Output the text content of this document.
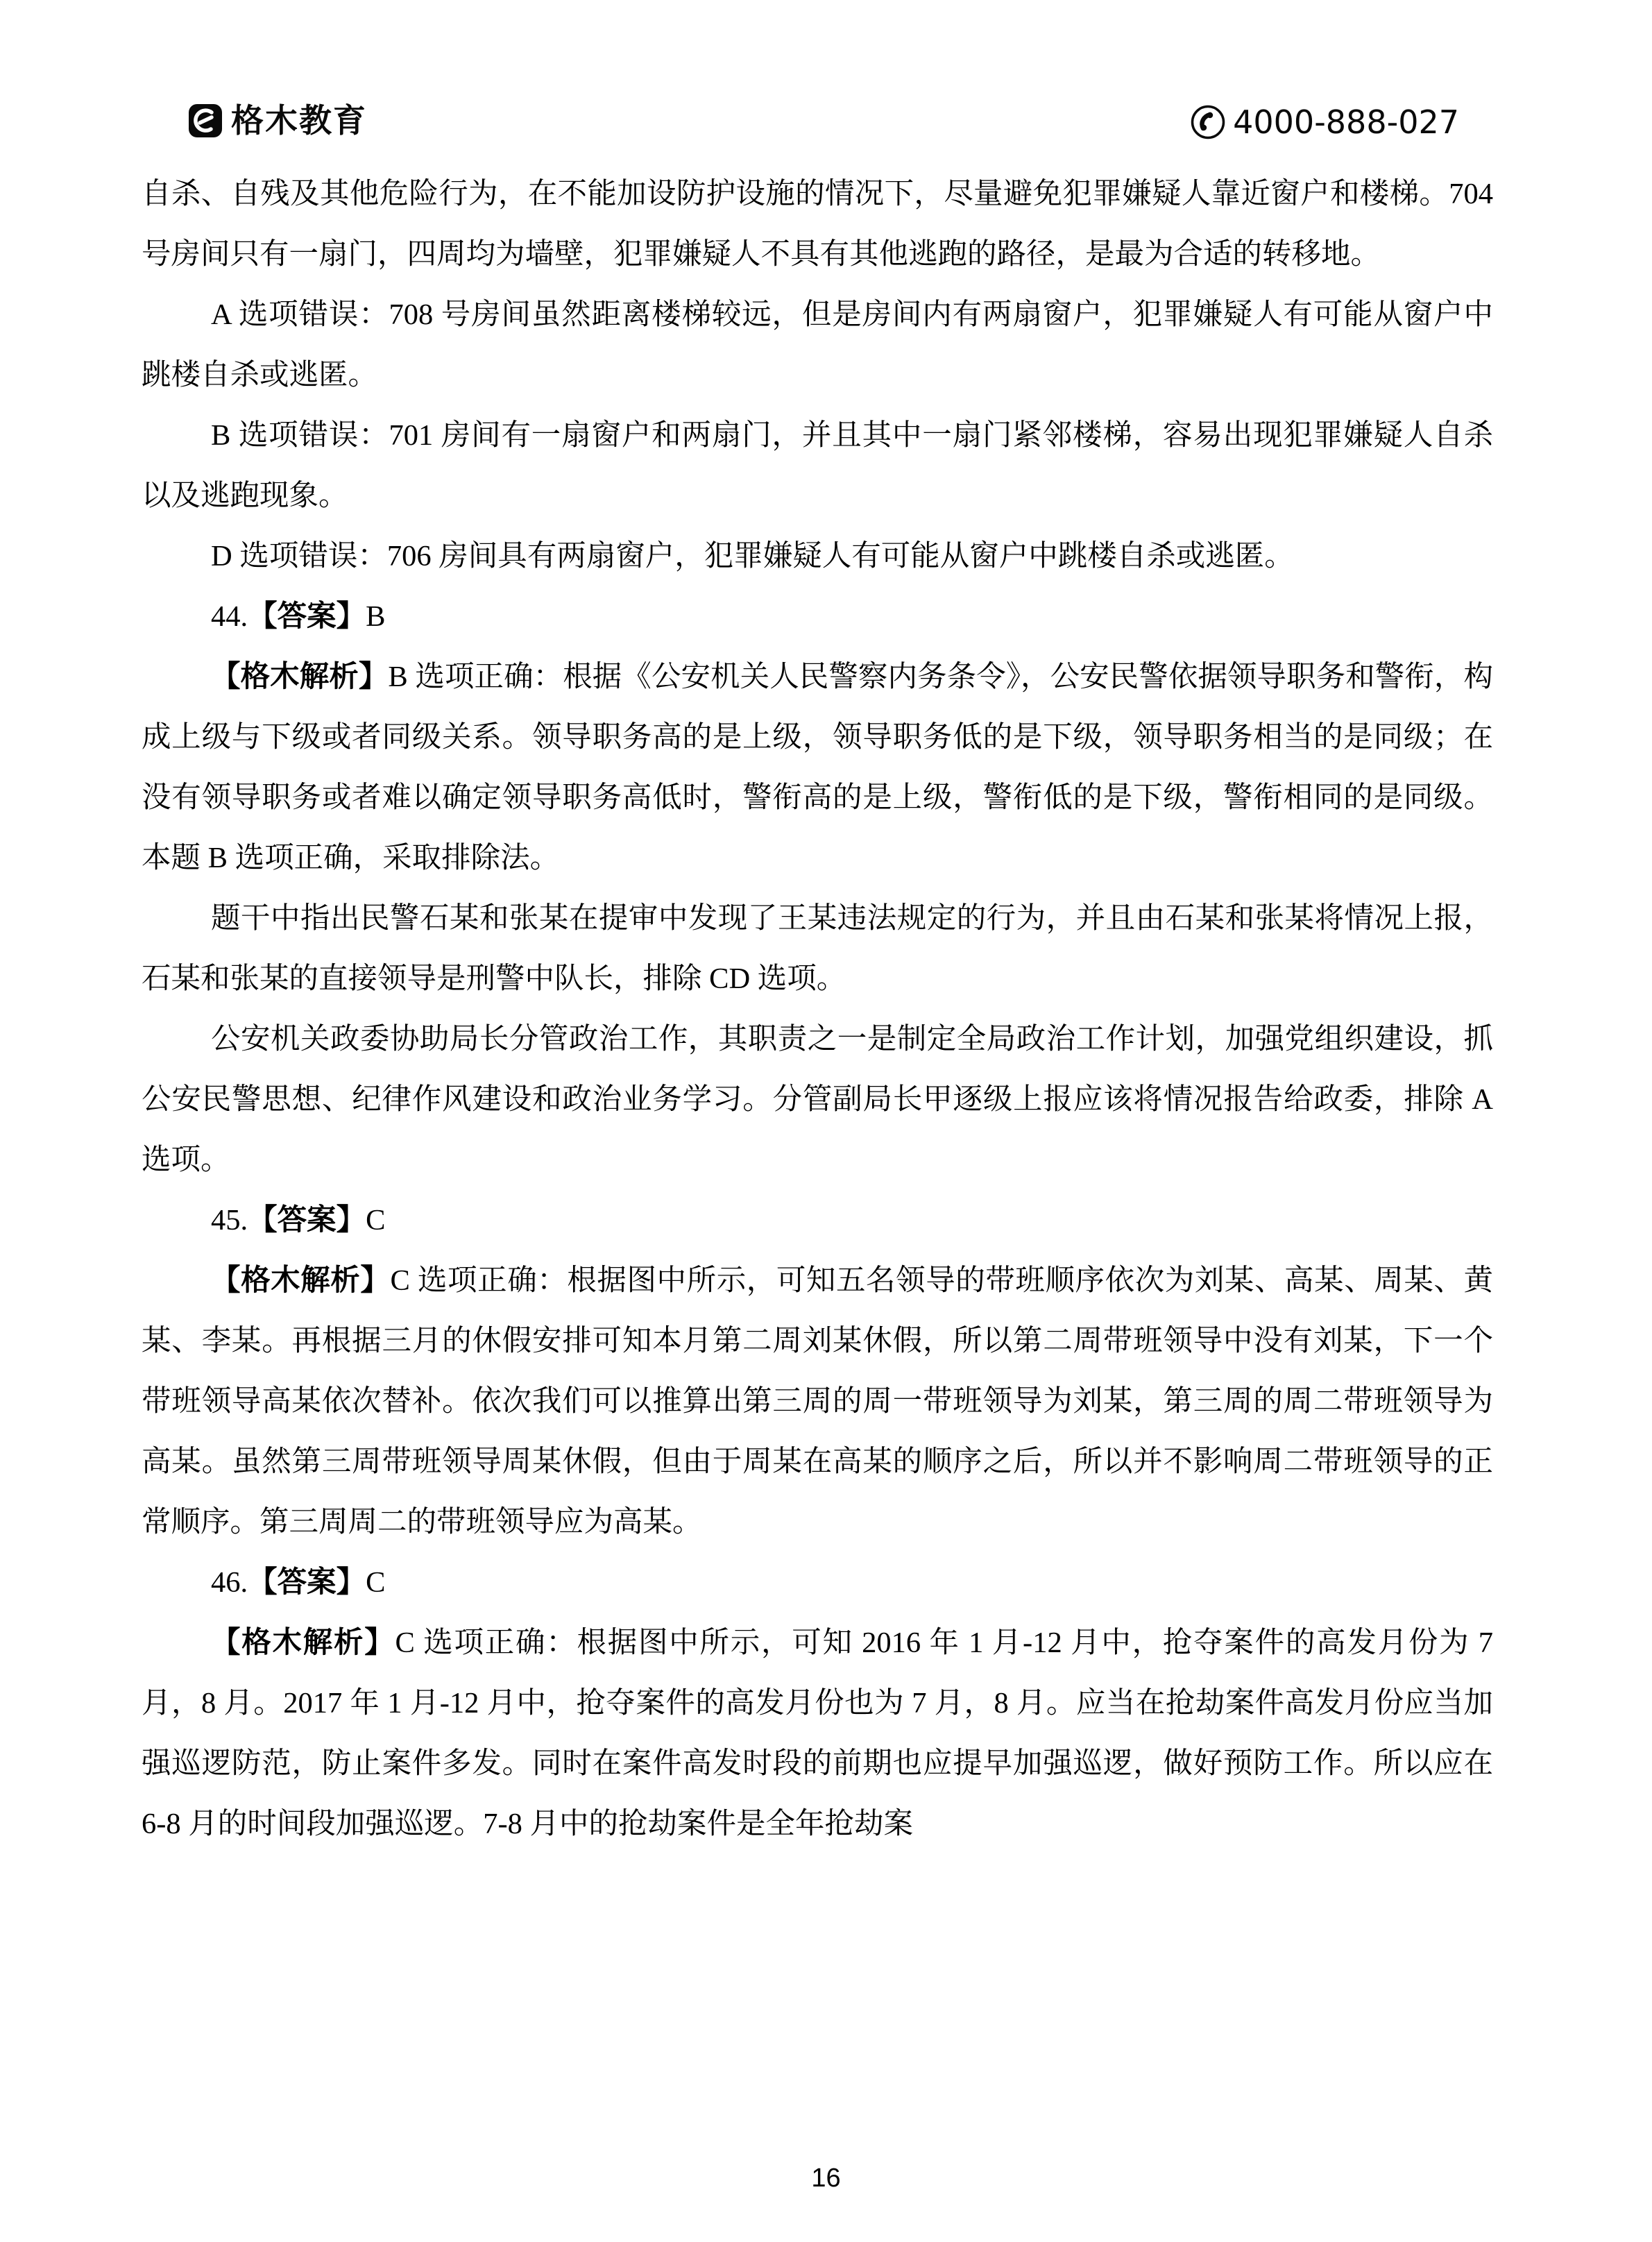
格木教育	4000-888-027

自杀、自残及其他危险行为，在不能加设防护设施的情况下，尽量避免犯罪嫌疑人靠近窗户和楼梯。704 号房间只有一扇门，四周均为墙壁，犯罪嫌疑人不具有其他逃跑的路径，是最为合适的转移地。

A 选项错误：708 号房间虽然距离楼梯较远，但是房间内有两扇窗户，犯罪嫌疑人有可能从窗户中跳楼自杀或逃匿。

B 选项错误：701 房间有一扇窗户和两扇门，并且其中一扇门紧邻楼梯，容易出现犯罪嫌疑人自杀以及逃跑现象。

D 选项错误：706 房间具有两扇窗户，犯罪嫌疑人有可能从窗户中跳楼自杀或逃匿。

44.【答案】B

【格木解析】B 选项正确：根据《公安机关人民警察内务条令》，公安民警依据领导职务和警衔，构成上级与下级或者同级关系。领导职务高的是上级，领导职务低的是下级，领导职务相当的是同级；在没有领导职务或者难以确定领导职务高低时，警衔高的是上级，警衔低的是下级，警衔相同的是同级。本题 B 选项正确，采取排除法。

题干中指出民警石某和张某在提审中发现了王某违法规定的行为，并且由石某和张某将情况上报，石某和张某的直接领导是刑警中队长，排除 CD 选项。

公安机关政委协助局长分管政治工作，其职责之一是制定全局政治工作计划，加强党组织建设，抓公安民警思想、纪律作风建设和政治业务学习。分管副局长甲逐级上报应该将情况报告给政委，排除 A 选项。

45.【答案】C

【格木解析】C 选项正确：根据图中所示，可知五名领导的带班顺序依次为刘某、高某、周某、黄某、李某。再根据三月的休假安排可知本月第二周刘某休假，所以第二周带班领导中没有刘某，下一个带班领导高某依次替补。依次我们可以推算出第三周的周一带班领导为刘某，第三周的周二带班领导为高某。虽然第三周带班领导周某休假，但由于周某在高某的顺序之后，所以并不影响周二带班领导的正常顺序。第三周周二的带班领导应为高某。

46.【答案】C

【格木解析】C 选项正确：根据图中所示，可知 2016 年 1 月-12 月中，抢夺案件的高发月份为 7 月，8 月。2017 年 1 月-12 月中，抢夺案件的高发月份也为 7 月，8 月。应当在抢劫案件高发月份应当加强巡逻防范，防止案件多发。同时在案件高发时段的前期也应提早加强巡逻，做好预防工作。所以应在 6-8 月的时间段加强巡逻。7-8 月中的抢劫案件是全年抢劫案

16
